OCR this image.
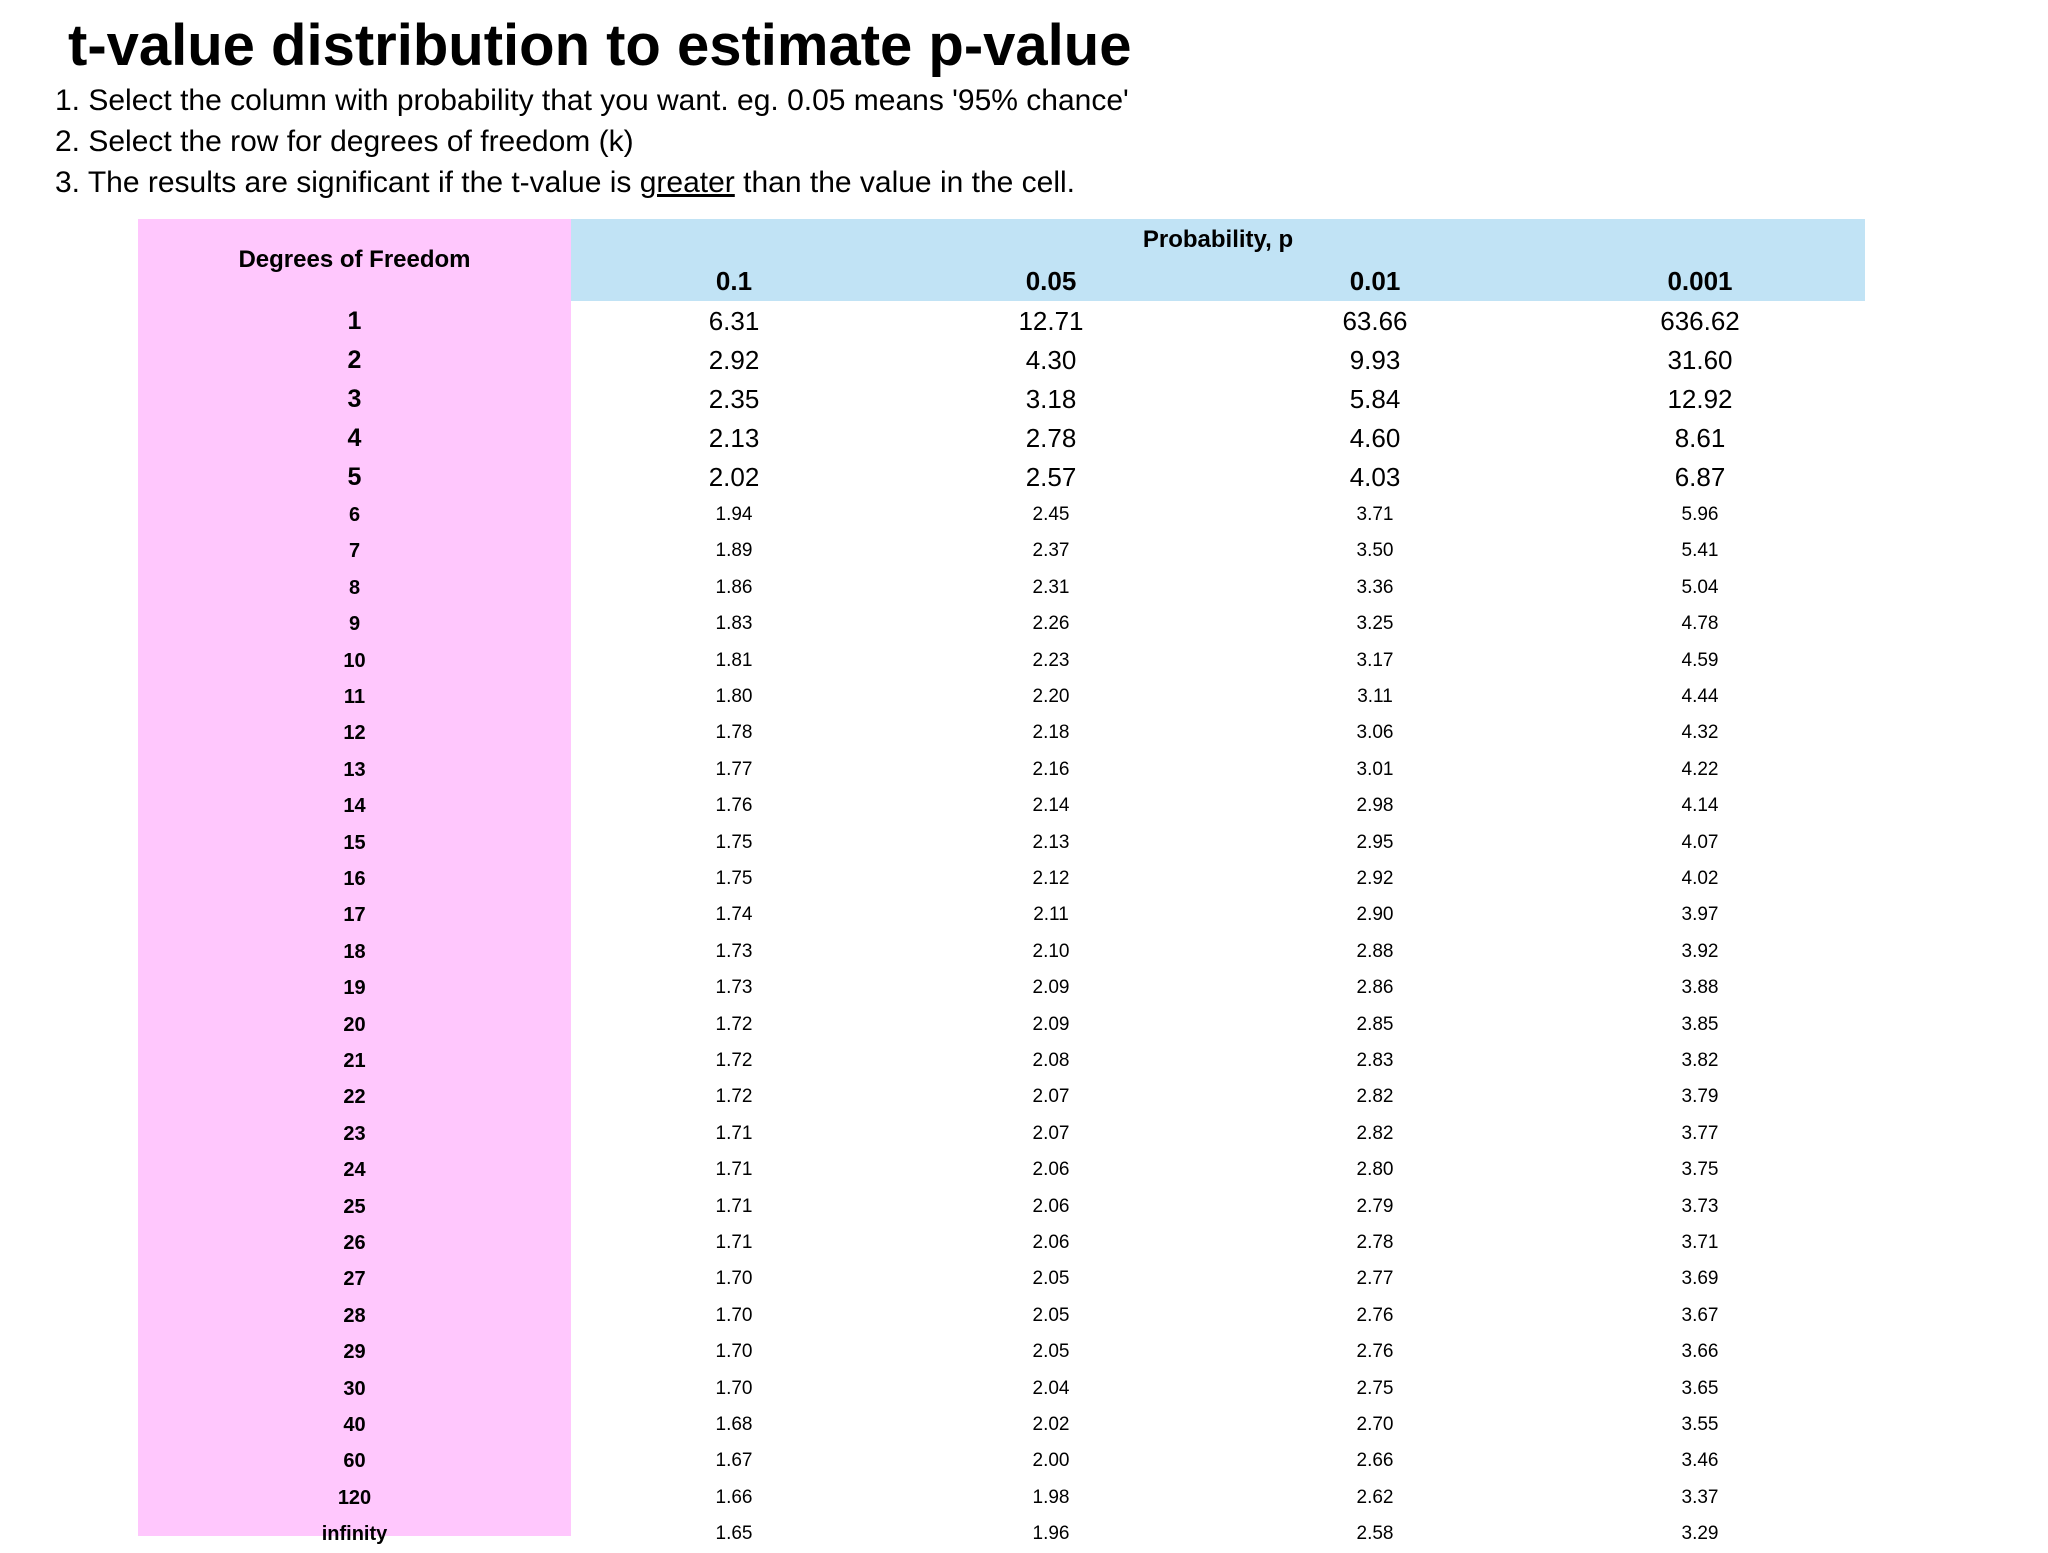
t-value distribution to estimate p-value
1. Select the column with probability that you want. eg. 0.05 means '95% chance'
2. Select the row for degrees of freedom (k)
3. The results are significant if the t-value is greater than the value in the cell.
Degrees of Freedom
Probability, p
0.1	0.05	0.01	0.001
1	6.31	12.71	63.66	636.62
2	2.92	4.30	9.93	31.60
3	2.35	3.18	5.84	12.92
4	2.13	2.78	4.60	8.61
5	2.02	2.57	4.03	6.87
6	1.94	2.45	3.71	5.96
7	1.89	2.37	3.50	5.41
8	1.86	2.31	3.36	5.04
9	1.83	2.26	3.25	4.78
10	1.81	2.23	3.17	4.59
11	1.80	2.20	3.11	4.44
12	1.78	2.18	3.06	4.32
13	1.77	2.16	3.01	4.22
14	1.76	2.14	2.98	4.14
15	1.75	2.13	2.95	4.07
16	1.75	2.12	2.92	4.02
17	1.74	2.11	2.90	3.97
18	1.73	2.10	2.88	3.92
19	1.73	2.09	2.86	3.88
20	1.72	2.09	2.85	3.85
21	1.72	2.08	2.83	3.82
22	1.72	2.07	2.82	3.79
23	1.71	2.07	2.82	3.77
24	1.71	2.06	2.80	3.75
25	1.71	2.06	2.79	3.73
26	1.71	2.06	2.78	3.71
27	1.70	2.05	2.77	3.69
28	1.70	2.05	2.76	3.67
29	1.70	2.05	2.76	3.66
30	1.70	2.04	2.75	3.65
40	1.68	2.02	2.70	3.55
60	1.67	2.00	2.66	3.46
120	1.66	1.98	2.62	3.37
infinity	1.65	1.96	2.58	3.29
